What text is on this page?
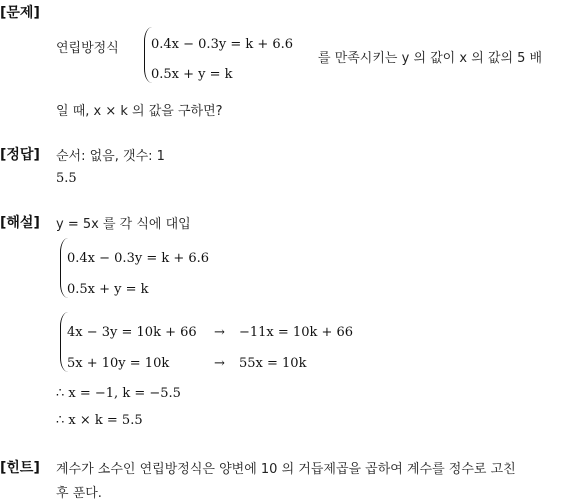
[문제]
연립방정식 0.4x − 0.3y = k + 6.6
0.5x + y = k
를 만족시키는 y 의 값이 x 의 값의 5 배
일 때, x × k 의 값을 구하면?
[정답] 순서: 없음, 갯수: 1
5.5
[해설] y = 5x 를 각 식에 대입
0.4x − 0.3y = k + 6.6
0.5x + y = k
4x − 3y = 10k + 66 → −11x = 10k + 66
5x + 10y = 10k	→ 55x = 10k
∴ x = −1, k = −5.5
∴ x × k = 5.5
[힌트] 계수가 소수인 연립방정식은 양변에 10 의 거듭제곱을 곱하여 계수를 정수로 고친
후 푼다.
